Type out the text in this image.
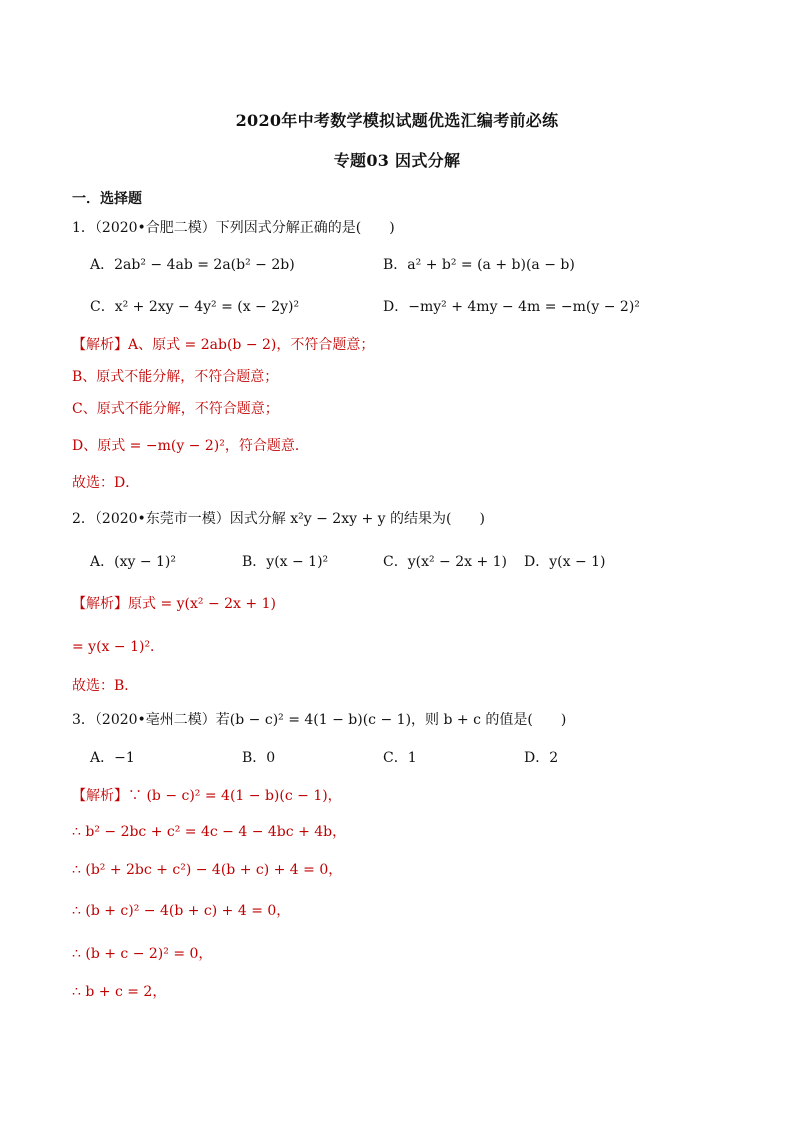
2020年中考数学模拟试题优选汇编考前必练
专题03 因式分解
一．选择题
1．（2020•合肥二模）下列因式分解正确的是(　　)
A．2ab² − 4ab = 2a(b² − 2b)	B．a² + b² = (a + b)(a − b)
C．x² + 2xy − 4y² = (x − 2y)²	D．−my² + 4my − 4m = −m(y − 2)²
【解析】A、原式 = 2ab(b − 2)，不符合题意；
B、原式不能分解，不符合题意；
C、原式不能分解，不符合题意；
D、原式 = −m(y − 2)²，符合题意．
故选：D．
2．（2020•东莞市一模）因式分解 x²y − 2xy + y 的结果为(　　)
A．(xy − 1)²	B．y(x − 1)²	C．y(x² − 2x + 1) D．y(x − 1)
【解析】原式 = y(x² − 2x + 1)
= y(x − 1)²．
故选：B．
3．（2020•亳州二模）若(b − c)² = 4(1 − b)(c − 1)，则 b + c 的值是(　　)
A．−1	B．0	C．1	D．2
【解析】∵ (b − c)² = 4(1 − b)(c − 1)，
∴ b² − 2bc + c² = 4c − 4 − 4bc + 4b，
∴ (b² + 2bc + c²) − 4(b + c) + 4 = 0，
∴ (b + c)² − 4(b + c) + 4 = 0，
∴ (b + c − 2)² = 0，
∴ b + c = 2，
